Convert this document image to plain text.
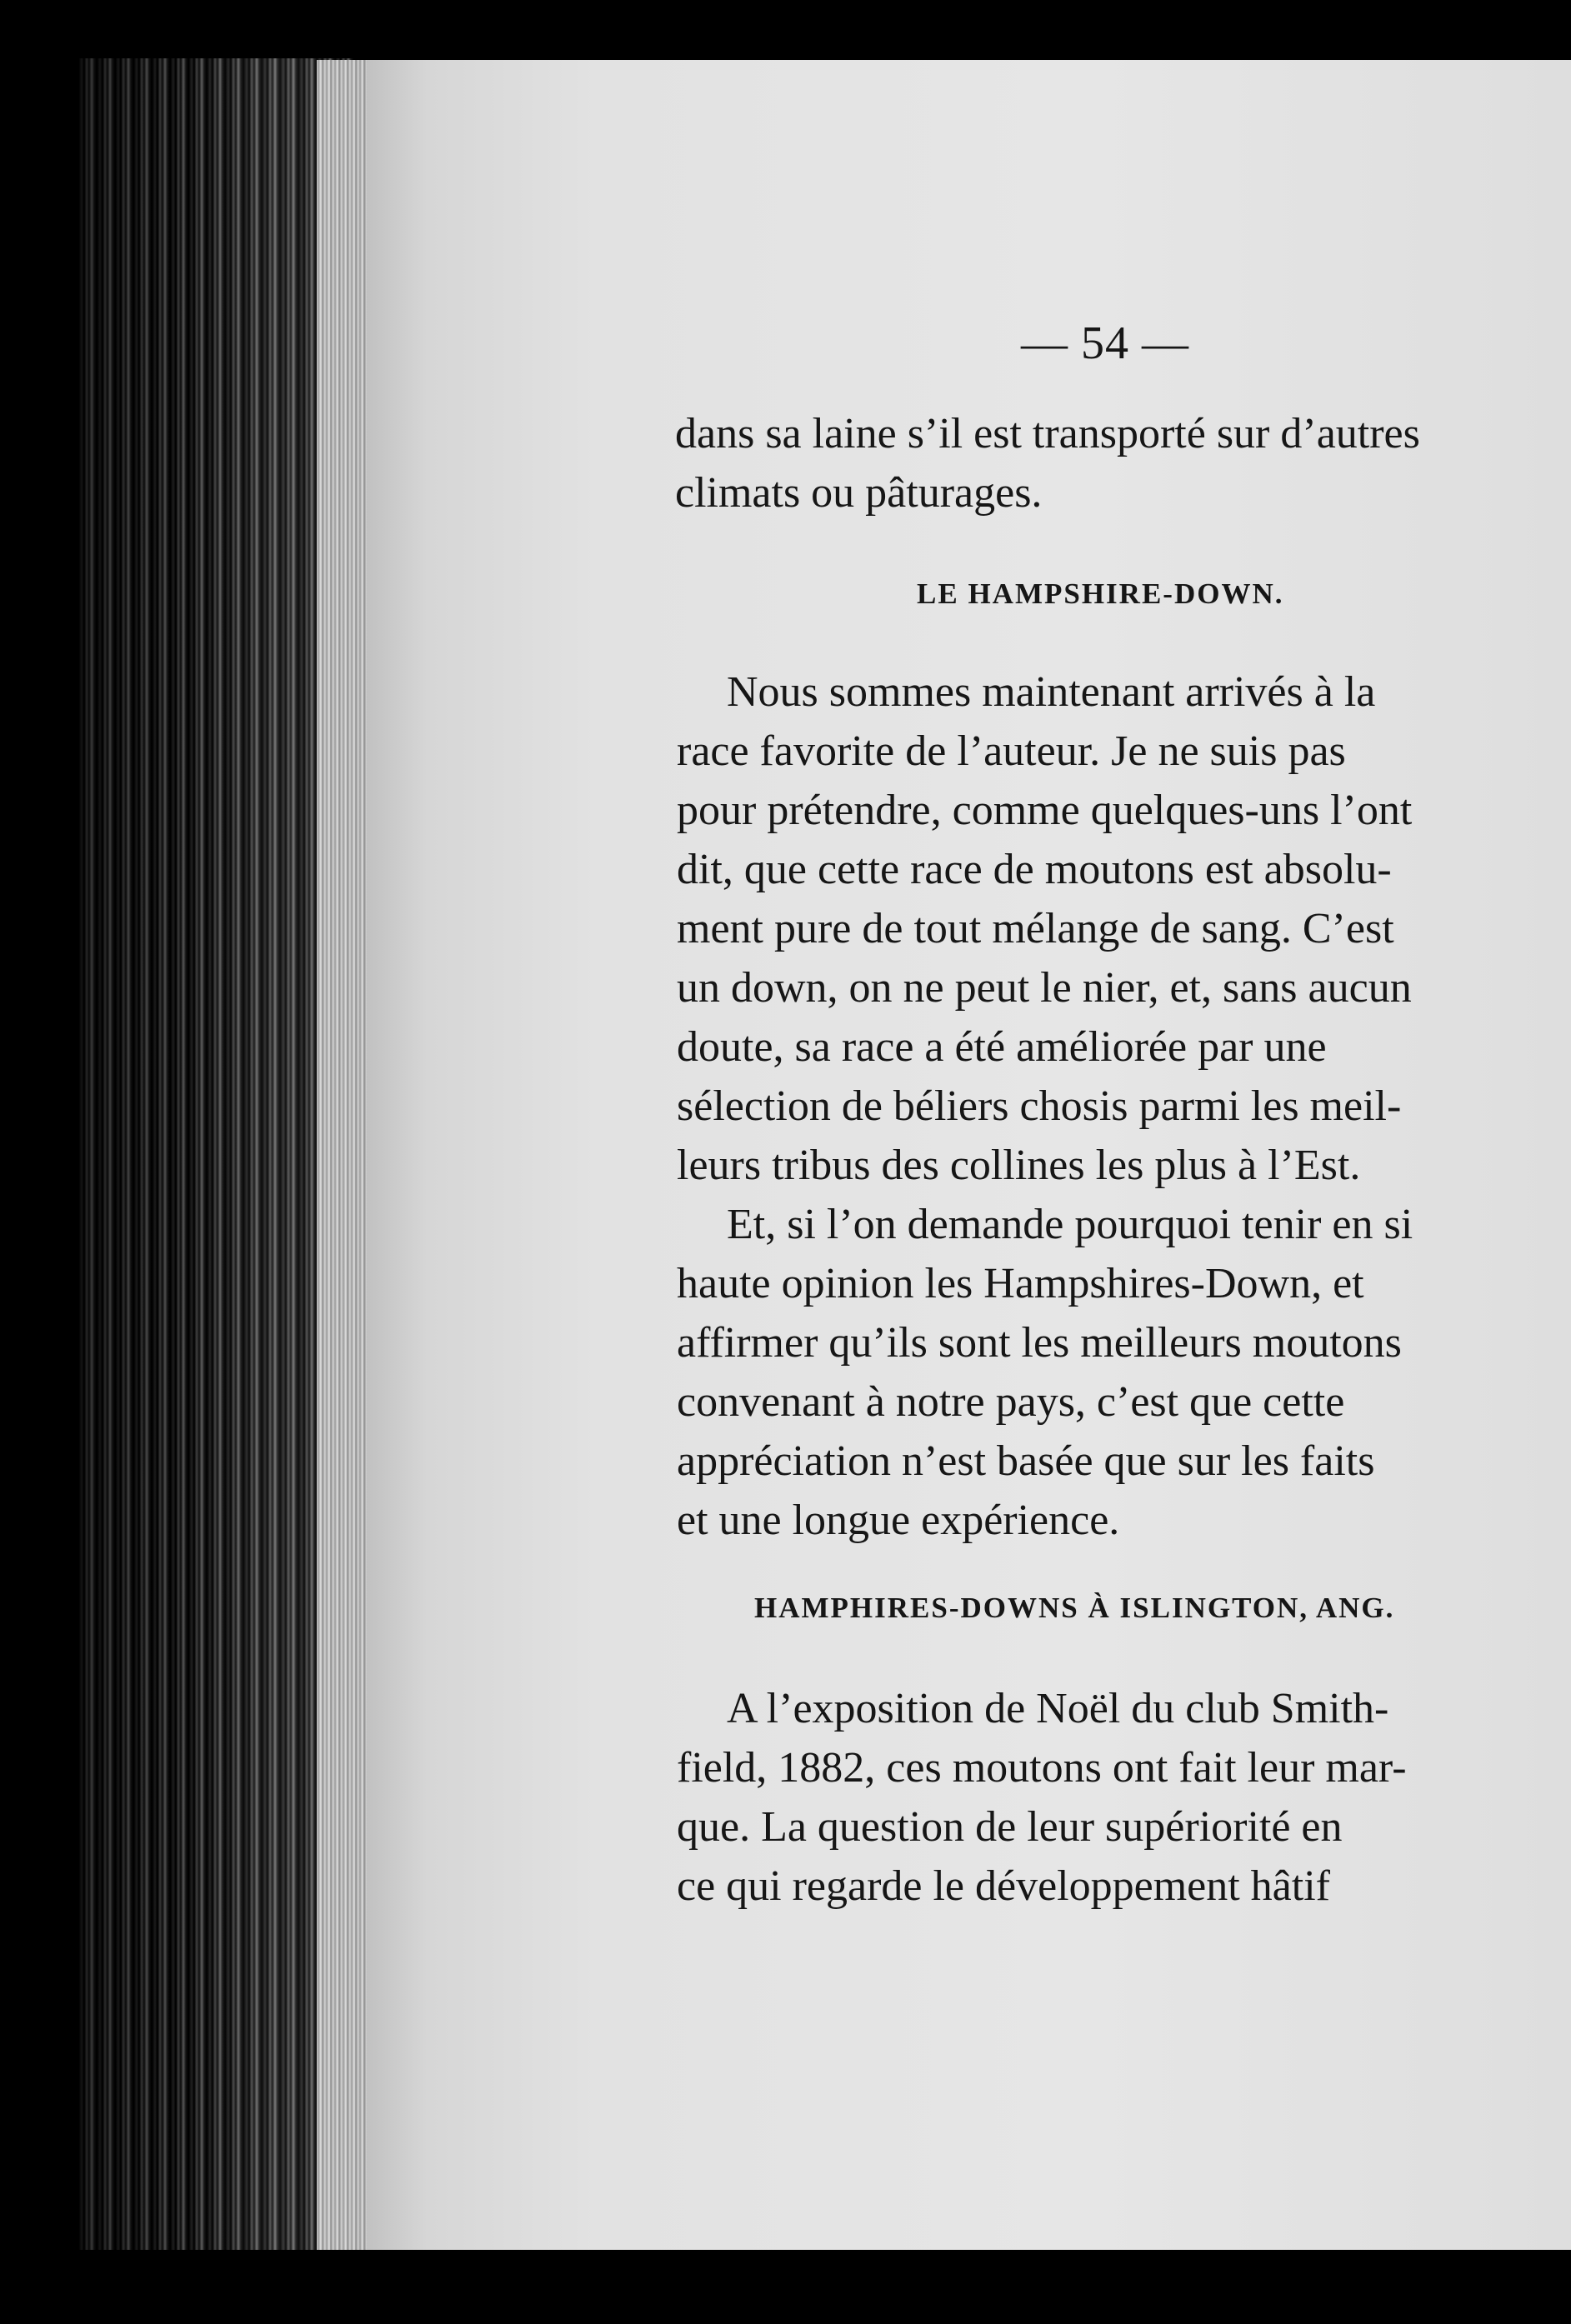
— 54 —
dans sa laine s’il est transporté sur d’autres
climats ou pâturages.
LE HAMPSHIRE-DOWN.
Nous sommes maintenant arrivés à la
race favorite de l’auteur. Je ne suis pas
pour prétendre, comme quelques-uns l’ont
dit, que cette race de moutons est absolu-
ment pure de tout mélange de sang. C’est
un down, on ne peut le nier, et, sans aucun
doute, sa race a été améliorée par une
sélection de béliers chosis parmi les meil-
leurs tribus des collines les plus à l’Est.
Et, si l’on demande pourquoi tenir en si
haute opinion les Hampshires-Down, et
affirmer qu’ils sont les meilleurs moutons
convenant à notre pays, c’est que cette
appréciation n’est basée que sur les faits
et une longue expérience.
HAMPHIRES-DOWNS À ISLINGTON, ANG.
A l’exposition de Noël du club Smith-
field, 1882, ces moutons ont fait leur mar-
que. La question de leur supériorité en
ce qui regarde le développement hâtif
